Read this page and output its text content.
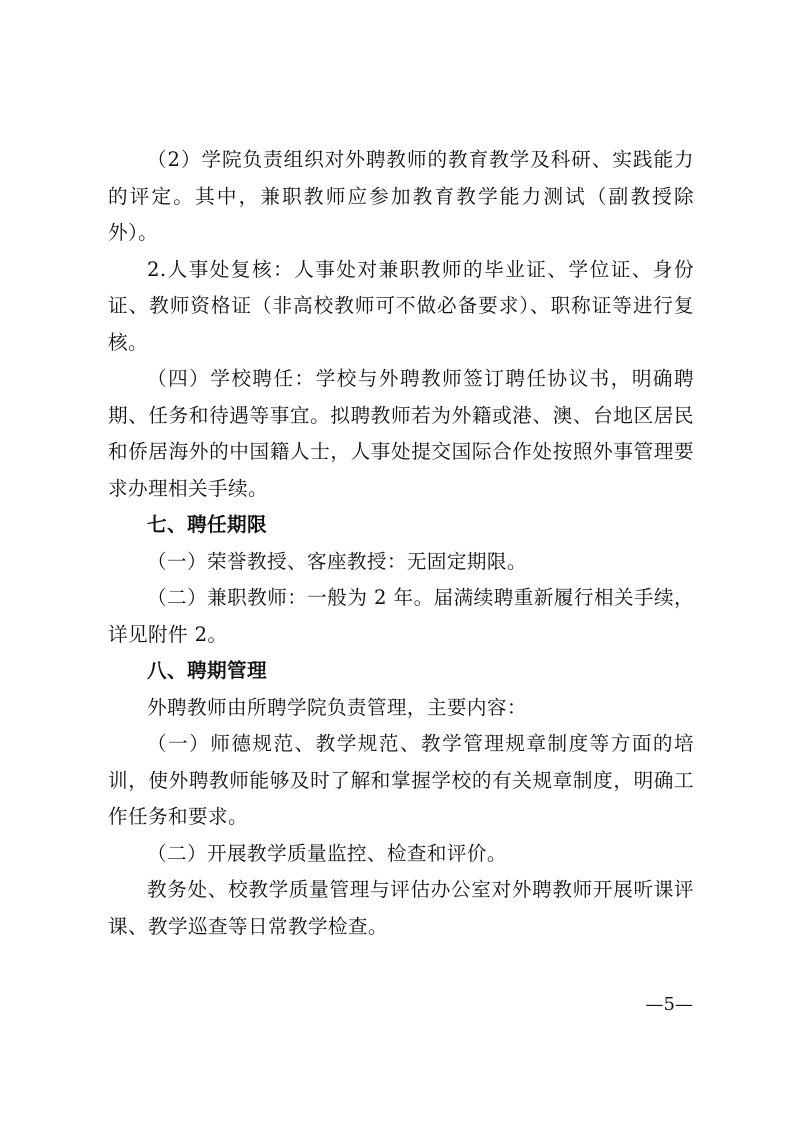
（2）学院负责组织对外聘教师的教育教学及科研、实践能力的评定。其中，兼职教师应参加教育教学能力测试（副教授除外）。

2.人事处复核：人事处对兼职教师的毕业证、学位证、身份证、教师资格证（非高校教师可不做必备要求）、职称证等进行复核。

（四）学校聘任：学校与外聘教师签订聘任协议书，明确聘期、任务和待遇等事宜。拟聘教师若为外籍或港、澳、台地区居民和侨居海外的中国籍人士，人事处提交国际合作处按照外事管理要求办理相关手续。

七、聘任期限

（一）荣誉教授、客座教授：无固定期限。

（二）兼职教师：一般为 2 年。届满续聘重新履行相关手续，详见附件 2。

八、聘期管理

外聘教师由所聘学院负责管理，主要内容：

（一）师德规范、教学规范、教学管理规章制度等方面的培训，使外聘教师能够及时了解和掌握学校的有关规章制度，明确工作任务和要求。

（二）开展教学质量监控、检查和评价。

教务处、校教学质量管理与评估办公室对外聘教师开展听课评课、教学巡查等日常教学检查。

—5—
